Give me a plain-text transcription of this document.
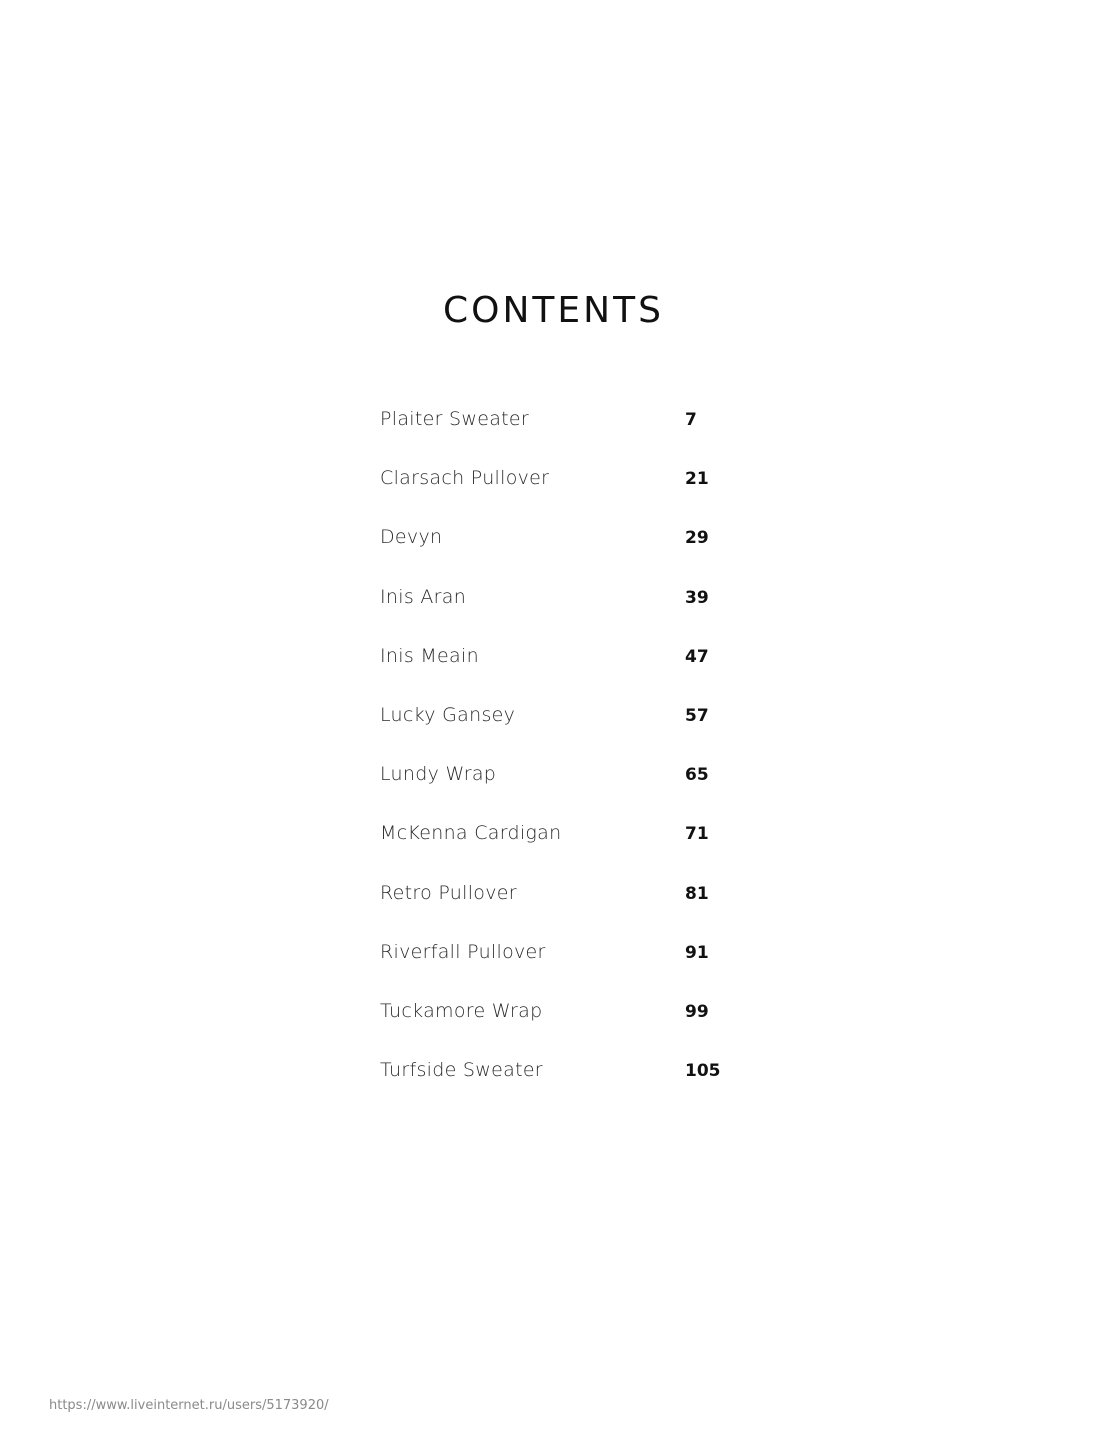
CONTENTS
Plaiter Sweater	7
Clarsach Pullover	21
Devyn	29
Inis Aran	39
Inis Meain	47
Lucky Gansey	57
Lundy Wrap	65
McKenna Cardigan	71
Retro Pullover	81
Riverfall Pullover	91
Tuckamore Wrap	99
Turfside Sweater	105
https://www.liveinternet.ru/users/5173920/
